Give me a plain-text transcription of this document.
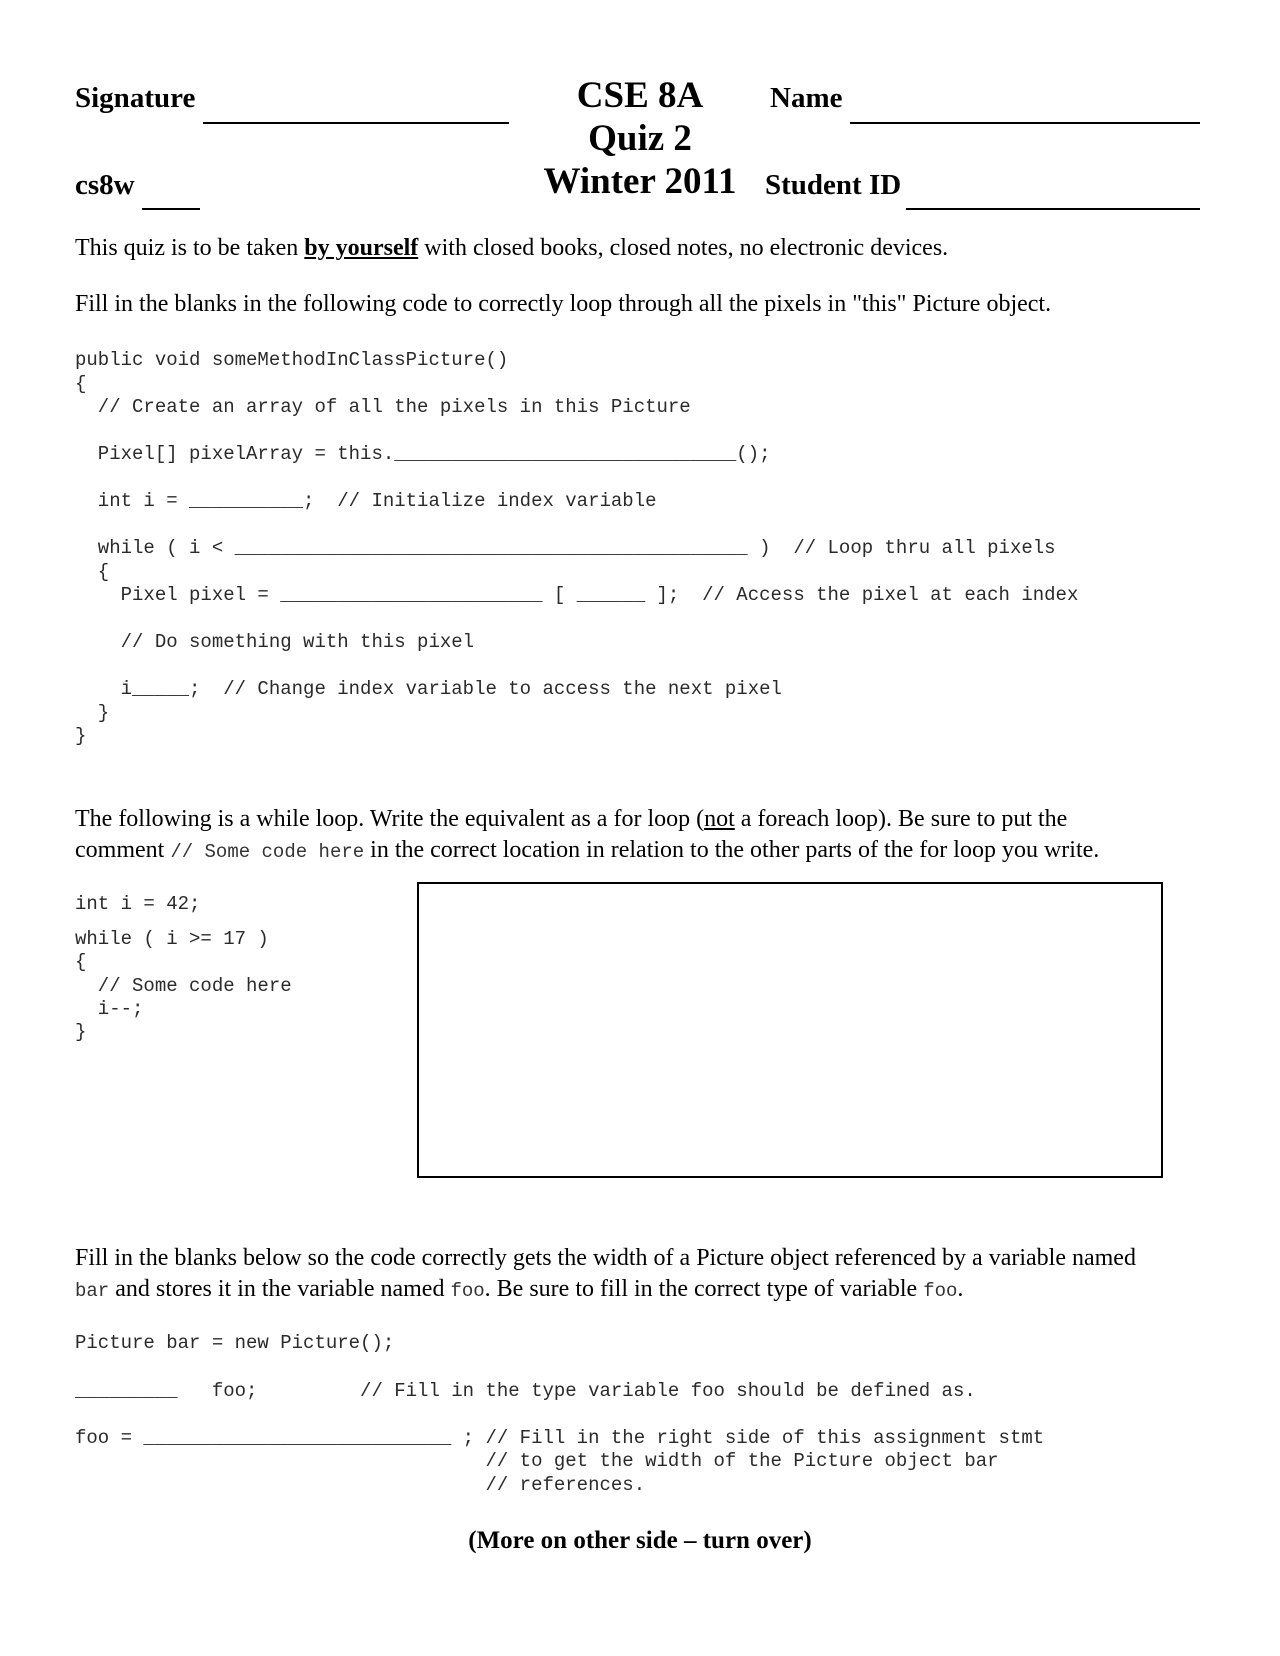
Signature	CSE 8A
Quiz 2
Winter 2011
Name
cs8w	Student ID
This quiz is to be taken by yourself with closed books, closed notes, no electronic devices.
Fill in the blanks in the following code to correctly loop through all the pixels in "this" Picture object.
public void someMethodInClassPicture()
{
// Create an array of all the pixels in this Picture
Pixel[] pixelArray = this.______________________________();
int i = __________;  // Initialize index variable
while ( i < _____________________________________________ )  // Loop thru all pixels
{
Pixel pixel = _______________________ [ ______ ];  // Access the pixel at each index
// Do something with this pixel
i_____;  // Change index variable to access the next pixel
}
}
The following is a while loop. Write the equivalent as a for loop (not a foreach loop). Be sure to put the
comment // Some code here in the correct location in relation to the other parts of the for loop you write.
int i = 42;
while ( i >= 17 )
{
// Some code here
i--;
}
Fill in the blanks below so the code correctly gets the width of a Picture object referenced by a variable named
bar and stores it in the variable named foo. Be sure to fill in the correct type of variable foo.
Picture bar = new Picture();
_________   foo;         // Fill in the type variable foo should be defined as.
foo = ___________________________ ; // Fill in the right side of this assignment stmt
// to get the width of the Picture object bar
// references.
(More on other side – turn over)
